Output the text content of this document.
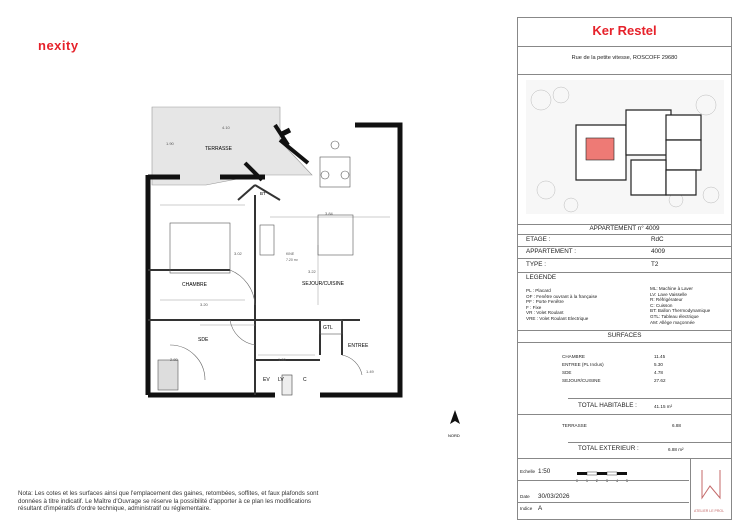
nexity
TERRASSE
CHAMBRE	SEJOUR/CUISINE
SDE
ENTREE
BT
GTL
EV LV	C
4.10
1.90
3.84
3.22
3.20
3.02
2.80	1.80
1.49
KINE
7.20 m²
NORD
Nota: Les cotes et les surfaces ainsi que l'emplacement des gaines, retombées, soffites, et faux plafonds sont données à titre indicatif. Le Maître d'Ouvrage se réserve la possibilité d'apporter à ce plan les modifications résultant d'impératifs d'ordre technique, administratif ou réglementaire.
Ker Restel
Rue de la petite vitesse, ROSCOFF 29680
APPARTEMENT n° 4009
ETAGE :	RdC
APPARTEMENT :	4009
TYPE :	T2
LEGENDE
PL : Placard
OF : Fenêtre ouvrant à la française
PF : Porte Fenêtre
F : Fixe
VR : Volet Roulant
VRE : Volet Roulant Electrique
ML: Machine à Laver
LV: Lave Vaisselle
R: Réfrigérateur
C: Cuisson
BT: Ballon Thermodynamique
GTL: Tableau électrique
AM: Allège maçonnée
SURFACES
CHAMBRE	11.45
ENTREE (PL Inclus)	5.30
SDE	4.78
SEJOUR/CUISINE	27.62
TOTAL HABITABLE :	41.15 m²
TERRASSE	6.88
TOTAL EXTERIEUR :	6.88 m²
Echelle 1:50
0 1 2 3 4 5
Date 30/03/2026
Indice A	ATELIER LE PROL
